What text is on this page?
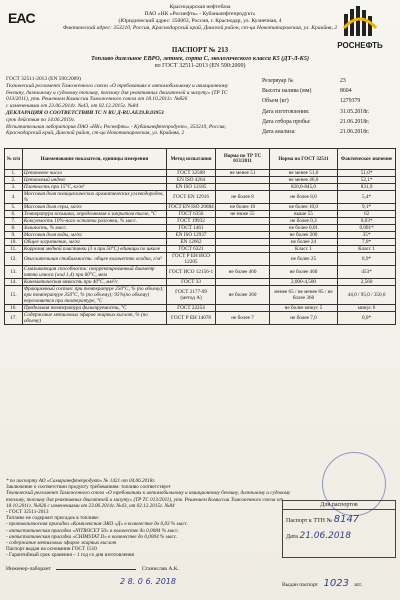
EAC
РОСНЕФТЬ
Краснодарская нефтебаза
ПАО «НК «Роснефть» - Кубаньнефтепродукт»
(Юридический адрес: 350063, Россия, г. Краснодар, ул. Кузнечная, 4
Фактический адрес: 353210, Россия, Краснодарский край, Динской район, ст-ца Новотитаровская, ул. Краийня, 2
ПАСПОРТ № 213
Топливо дизельное ЕВРО, летнее, сорта С, экологического класса К5 (ДТ-Л-К5)
по ГОСТ 32511-2013 (EN 590:2009)
ГОСТ 32511-2013 (EN 590:2009)
Технический регламент Таможенного союза «О требованиях к автомобильному и авиационному бензину, дизельному и судовому топливу, топливу для реактивных двигателей и мазуту» (ТР ТС 013/2011), утв. Решением Комиссии Таможенного союза от 18.10.2011г. №826
с изменениями от 23.06.2014г. №43, от 02.12.2015г. №84
ДЕКЛАРАЦИЯ О СООТВЕТСТВИИ ТС N RU Д-RU.AE29.B.03953
срок действия по 14.06.2019г.
Испытательная лаборатория ПАО «НК» Роснефть» - Кубаньнефтепродукт», 353210, Россия, Краснодарский край, Динской район, ст-ца Новотитаровская, ул. Крайняя, 2
Резервуар №	23
Высота налива (мм)	8604
Объем (кг)	1279379
Дата изготовления:	31.05.2018г.
Дата отбора пробы:	21.06.2018г.
Дата анализа:	21.06.2018г.
№ п/п	Наименование показателя, единицы измерения	Метод испытания	Норма по ТР ТС 013/2011	Норма по ГОСТ 32511	Фактическое значение
1.	Цетановое число	ГОСТ 32508	не менее 51	не менее 51,0	51,0*
2.	Цетановый индекс	EN ISO 4264		не менее 46,0	52,1*
3.	Плотность при 15°С, кг/м³	EN ISO 12185		820,0-845,0	831,9
4.	Массовая доля полициклических ароматических углеводородов, %	ГОСТ EN 12916	не более 8	не более 8,0	5,4*
5.	Массовая доля серы, мг/кг	ГОСТ EN ISO 20884	не более 10	не более 10,0	9,1*
6.	Температура вспышки, определяемая в закрытом тигле, °С	ГОСТ 6356	не ниже 55	выше 55	62
7.	Коксуемость 10%-ного остатка разгонки, % масс.	ГОСТ 19932		не более 0,3	0,03*
8.	Зольность, % масс.	ГОСТ 1461		не более 0,01	0,001*
9.	Массовая доля воды, мг/кг	EN ISO 12937		не более 200	35*
10.	Общее загрязнение, мг/кг	EN 12662		не более 24	7,0*
11.	Коррозия медной пластинки (3 ч при 50°С) единицы по шкале	ГОСТ 6321		Класс 1	Класс 1
12.	Окислительная стабильность: общее количество осадка, г/м³	ГОСТ Р ЕН ИСО 12205		не более 25	8,9*
13.	Смазывающая способность: скорректированный диаметр пятна износа (wsd 1,4) при 60°С, мкм	ГОСТ ИСО 12156-1	не более 460	не более 460	453*
14.	Кинематическая вязкость при 40°С, мм²/с	ГОСТ 33		2,000-4,500	2,560
15.	Фракционный состав: при температуре 250°С, % (по объему); при температуре 350°С, % (по объему); 95%(по объему) перегоняется при температуре, °С	ГОСТ 2177-99 (метод А)	не более 360	менее 65 / не менее 85 / не более 360	44,0 / 95,0 / 350,0
16.	Предельная температура фильтруемости, °С	ГОСТ 22254		не более минус 5	минус 6
17.	Содержание метиловых эфиров жирных кислот, % (по объему)	ГОСТ Р ЕН 14078	не более 7	не более 7,0	0,0*
* по паспорту АО «Самаранефтепродукт» № 1421 от 04.06.2018г.
Заключение о соответствии продукту требованиям: топливо соответствует
Технический регламент Таможенного союза «О требованиях к автомобильному и авиационному бензину, дизельному и судовому топливу, топливу для реактивных двигателей и мазуту» (ТР ТС 013/2011), утв. Решением Комиссии Таможенного союза от 18.10.2011г. №826 с изменениями от 23.06.2014г. №43, от 02.12.2015г. №84
- ГОСТ 32511-2013
Топливо не содержит присадок в топливе:
- противоизносная присадка «Комплексная-ЭКО «Д» в количестве до 0,03 % масс.
- антистатическая присадка «NITROCET 50» в количестве до 0,0084 % масс.
- антистатическая присадка «CHIMSTAT D» в количестве до 0,0004 % масс.
- содержание метиловых эфиров жирных кислот
Паспорт выдан на основании ГОСТ 1510
- Гарантийный срок хранения – 1 год со дня изготовления
Для паспортов
Паспорт к ТТН № 8147
Дата 21.06.2018
Инженер-лаборант	Станислав А.К.
2 8. 0 6. 2018	Выдан паспорт 1023 шт.
